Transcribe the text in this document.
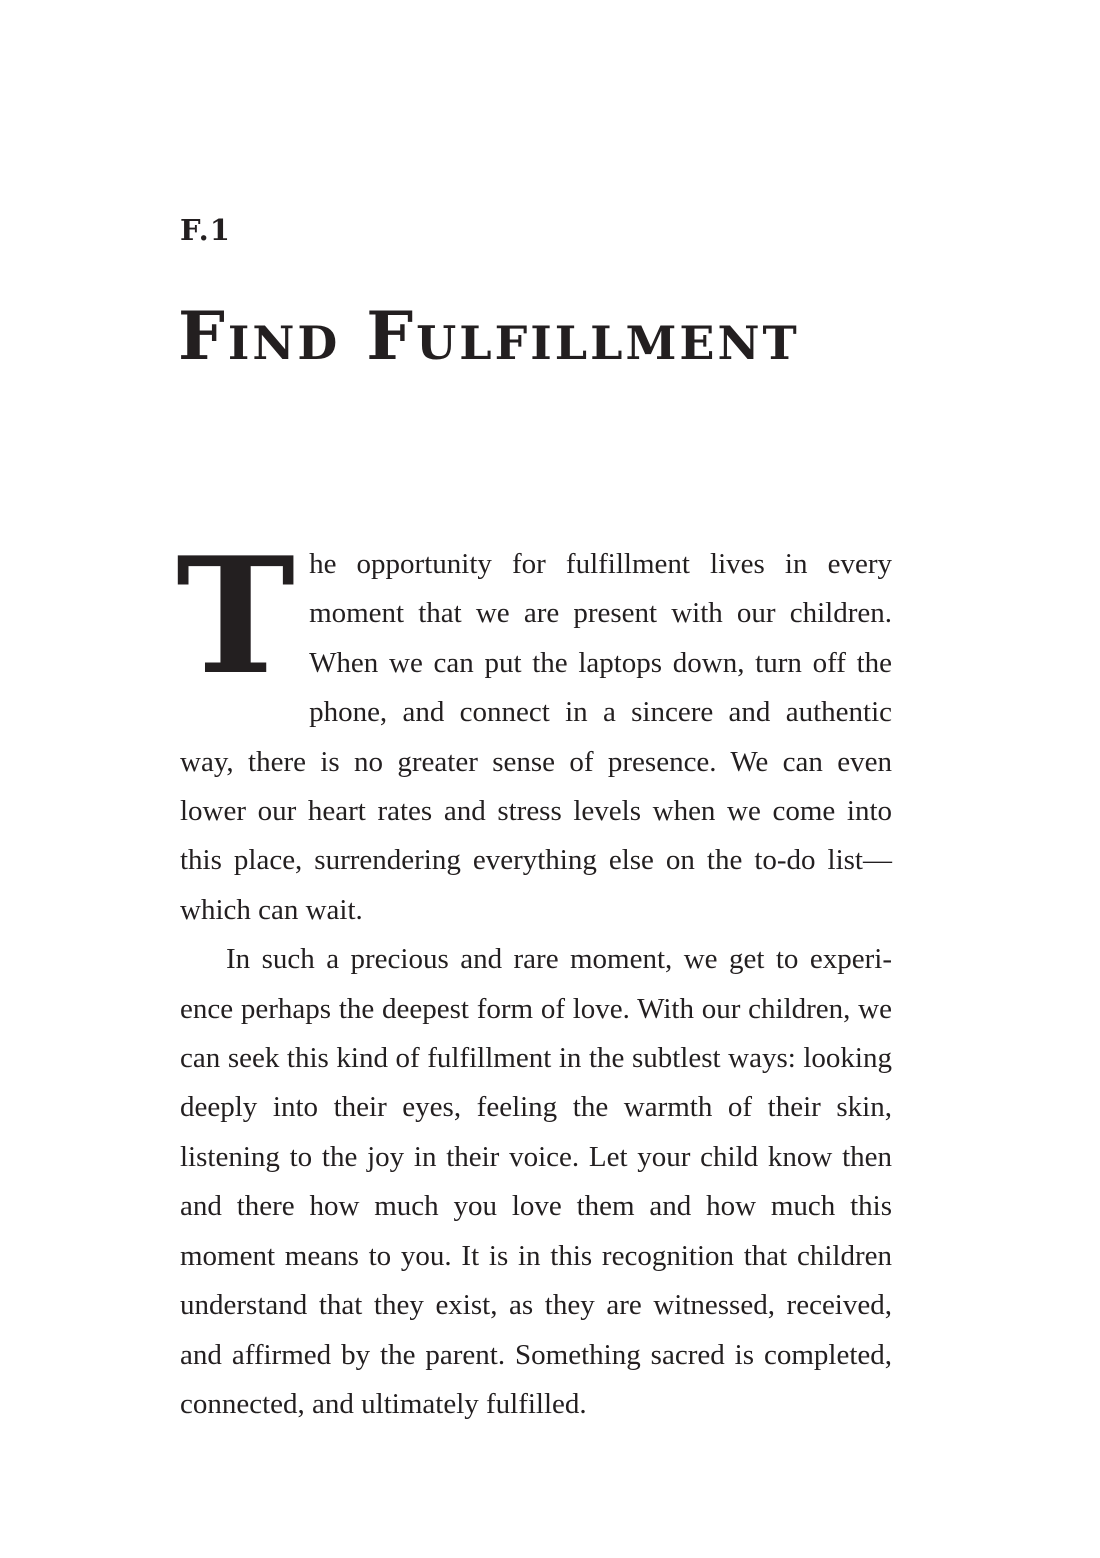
F.1
Find Fulfillment

The opportunity for fulfillment lives in every moment that we are present with our children. When we can put the laptops down, turn off the phone, and connect in a sincere and authentic way, there is no greater sense of presence. We can even lower our heart rates and stress levels when we come into this place, surrendering everything else on the to-do list—which can wait.

In such a precious and rare moment, we get to experience perhaps the deepest form of love. With our children, we can seek this kind of fulfillment in the subtlest ways: looking deeply into their eyes, feeling the warmth of their skin, listening to the joy in their voice. Let your child know then and there how much you love them and how much this moment means to you. It is in this recognition that children understand that they exist, as they are witnessed, received, and affirmed by the parent. Something sacred is completed, connected, and ultimately fulfilled.
